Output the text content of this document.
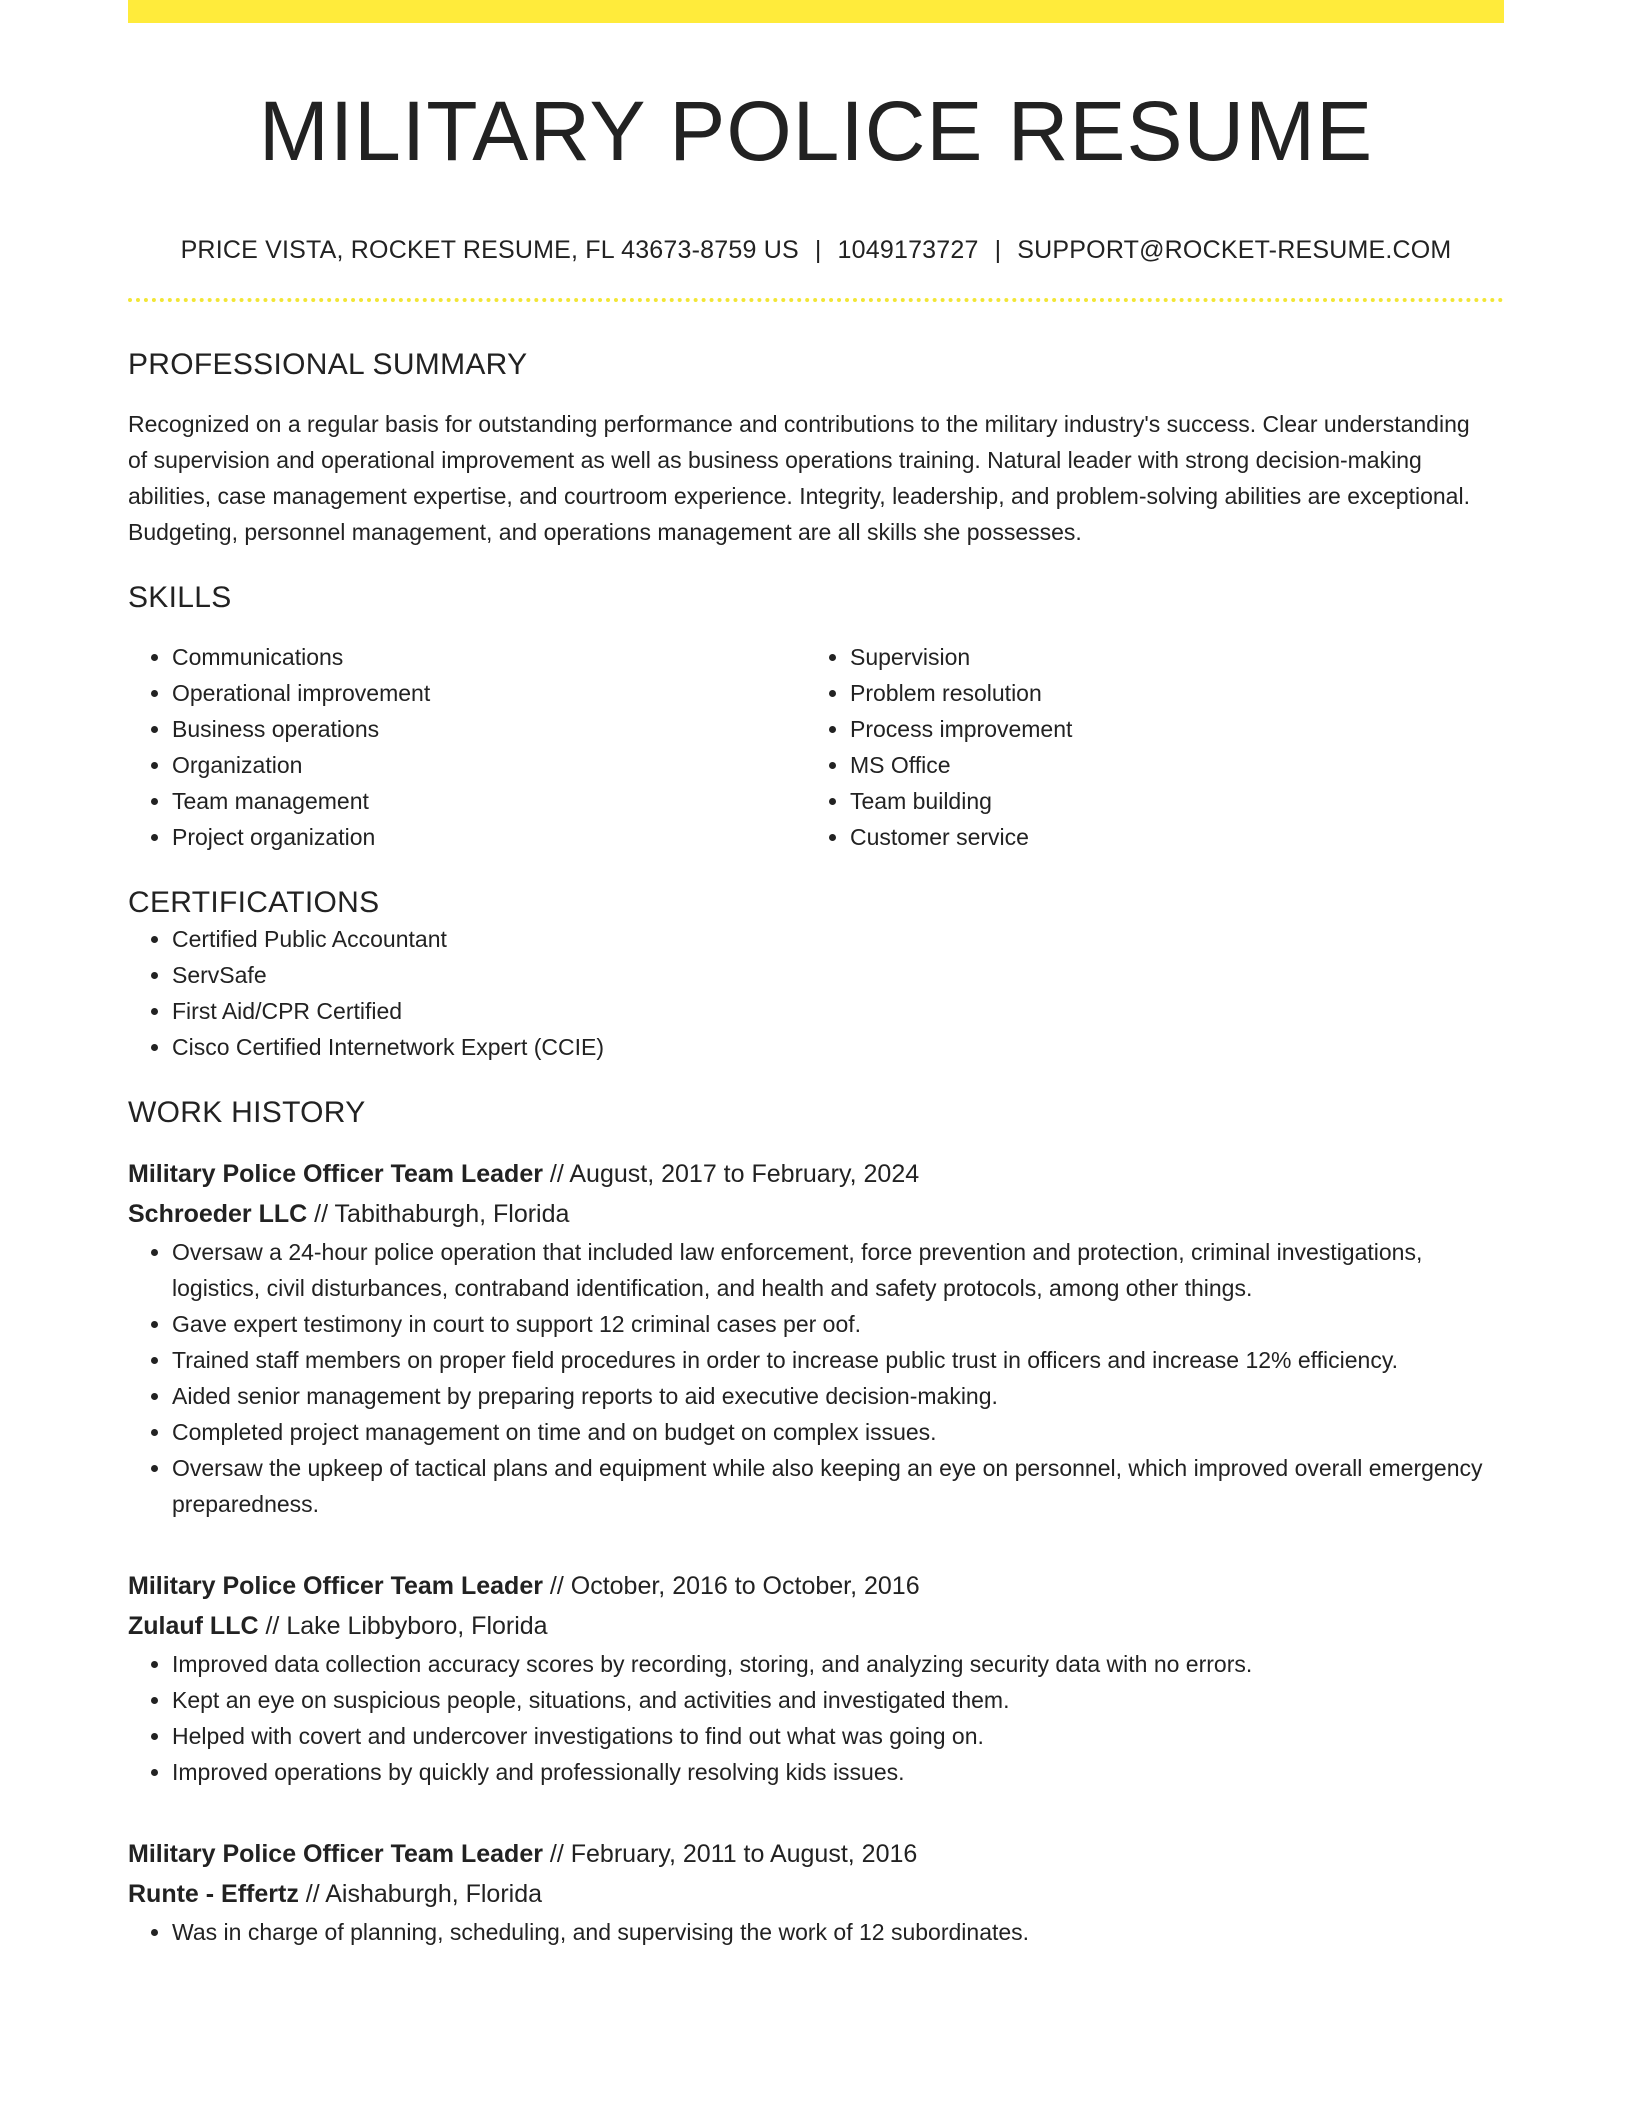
MILITARY POLICE RESUME
PRICE VISTA, ROCKET RESUME, FL 43673-8759 US | 1049173727 | SUPPORT@ROCKET-RESUME.COM
PROFESSIONAL SUMMARY

Recognized on a regular basis for outstanding performance and contributions to the military industry's success. Clear understanding of supervision and operational improvement as well as business operations training. Natural leader with strong decision-making abilities, case management expertise, and courtroom experience. Integrity, leadership, and problem-solving abilities are exceptional. Budgeting, personnel management, and operations management are all skills she possesses.

SKILLS
• Communications
• Operational improvement
• Business operations
• Organization
• Team management
• Project organization
• Supervision
• Problem resolution
• Process improvement
• MS Office
• Team building
• Customer service
CERTIFICATIONS
• Certified Public Accountant
• ServSafe
• First Aid/CPR Certified
• Cisco Certified Internetwork Expert (CCIE)
WORK HISTORY
Military Police Officer Team Leader // August, 2017 to February, 2024
Schroeder LLC // Tabithaburgh, Florida
• Oversaw a 24-hour police operation that included law enforcement, force prevention and protection, criminal investigations, logistics, civil disturbances, contraband identification, and health and safety protocols, among other things.
• Gave expert testimony in court to support 12 criminal cases per oof.
• Trained staff members on proper field procedures in order to increase public trust in officers and increase 12% efficiency.
• Aided senior management by preparing reports to aid executive decision-making.
• Completed project management on time and on budget on complex issues.
• Oversaw the upkeep of tactical plans and equipment while also keeping an eye on personnel, which improved overall emergency preparedness.
Military Police Officer Team Leader // October, 2016 to October, 2016
Zulauf LLC // Lake Libbyboro, Florida
• Improved data collection accuracy scores by recording, storing, and analyzing security data with no errors.
• Kept an eye on suspicious people, situations, and activities and investigated them.
• Helped with covert and undercover investigations to find out what was going on.
• Improved operations by quickly and professionally resolving kids issues.
Military Police Officer Team Leader // February, 2011 to August, 2016
Runte - Effertz // Aishaburgh, Florida
• Was in charge of planning, scheduling, and supervising the work of 12 subordinates.
